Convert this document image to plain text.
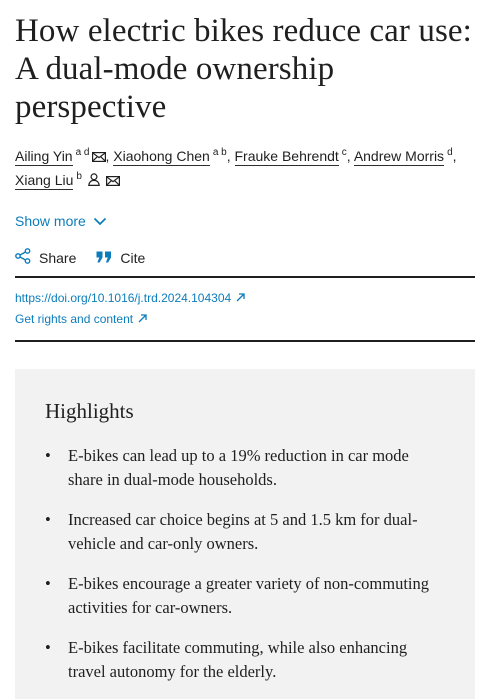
How electric bikes reduce car use: A dual-mode ownership perspective
Ailing Yin $^{a d}$ , Xiaohong Chen $^{a b}$, Frauke Behrendt $^c$, Andrew Morris $^d$,
Xiang Liu $^b$
Show more
Share	Cite
https://doi.org/10.1016/j.trd.2024.104304
Get rights and content
Highlights
• E-bikes can lead up to a 19% reduction in car mode share in dual-mode households.
• Increased car choice begins at 5 and 1.5 km for dual-vehicle and car-only owners.
• E-bikes encourage a greater variety of non-commuting activities for car-owners.
• E-bikes facilitate commuting, while also enhancing travel autonomy for the elderly.
